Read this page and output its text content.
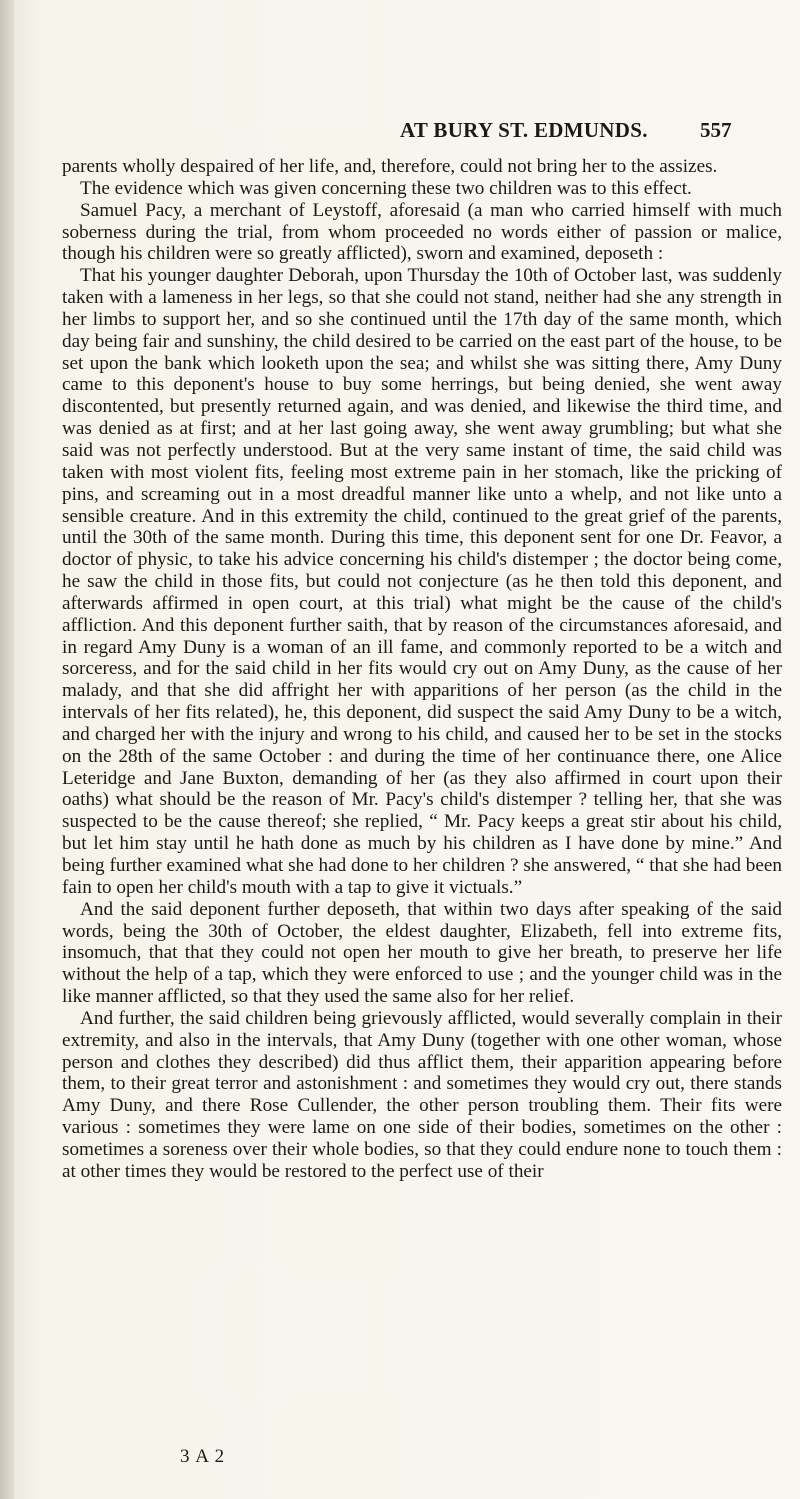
AT BURY ST. EDMUNDS. 557

parents wholly despaired of her life, and, therefore, could not bring her to the assizes.

The evidence which was given concerning these two children was to this effect.

Samuel Pacy, a merchant of Leystoff, aforesaid (a man who carried himself with much soberness during the trial, from whom proceeded no words either of passion or malice, though his children were so greatly afflicted), sworn and examined, deposeth :

That his younger daughter Deborah, upon Thursday the 10th of October last, was suddenly taken with a lameness in her legs, so that she could not stand, neither had she any strength in her limbs to support her, and so she continued until the 17th day of the same month, which day being fair and sunshiny, the child desired to be carried on the east part of the house, to be set upon the bank which looketh upon the sea; and whilst she was sitting there, Amy Duny came to this deponent's house to buy some herrings, but being denied, she went away discontented, but presently returned again, and was denied, and likewise the third time, and was denied as at first; and at her last going away, she went away grumbling; but what she said was not perfectly understood. But at the very same instant of time, the said child was taken with most violent fits, feeling most extreme pain in her stomach, like the pricking of pins, and screaming out in a most dreadful manner like unto a whelp, and not like unto a sensible creature. And in this extremity the child, continued to the great grief of the parents, until the 30th of the same month. During this time, this deponent sent for one Dr. Feavor, a doctor of physic, to take his advice concerning his child's distemper ; the doctor being come, he saw the child in those fits, but could not conjecture (as he then told this deponent, and afterwards affirmed in open court, at this trial) what might be the cause of the child's affliction. And this deponent further saith, that by reason of the circumstances aforesaid, and in regard Amy Duny is a woman of an ill fame, and commonly reported to be a witch and sorceress, and for the said child in her fits would cry out on Amy Duny, as the cause of her malady, and that she did affright her with apparitions of her person (as the child in the intervals of her fits related), he, this deponent, did suspect the said Amy Duny to be a witch, and charged her with the injury and wrong to his child, and caused her to be set in the stocks on the 28th of the same October : and during the time of her continuance there, one Alice Leteridge and Jane Buxton, demanding of her (as they also affirmed in court upon their oaths) what should be the reason of Mr. Pacy's child's distemper ? telling her, that she was suspected to be the cause thereof; she replied, “ Mr. Pacy keeps a great stir about his child, but let him stay until he hath done as much by his children as I have done by mine.” And being further examined what she had done to her children ? she answered, “ that she had been fain to open her child's mouth with a tap to give it victuals.”

And the said deponent further deposeth, that within two days after speaking of the said words, being the 30th of October, the eldest daughter, Elizabeth, fell into extreme fits, insomuch, that that they could not open her mouth to give her breath, to preserve her life without the help of a tap, which they were enforced to use ; and the younger child was in the like manner afflicted, so that they used the same also for her relief.

And further, the said children being grievously afflicted, would severally complain in their extremity, and also in the intervals, that Amy Duny (together with one other woman, whose person and clothes they described) did thus afflict them, their apparition appearing before them, to their great terror and astonishment : and sometimes they would cry out, there stands Amy Duny, and there Rose Cullender, the other person troubling them. Their fits were various : sometimes they were lame on one side of their bodies, sometimes on the other : sometimes a soreness over their whole bodies, so that they could endure none to touch them : at other times they would be restored to the perfect use of their

3 A 2
